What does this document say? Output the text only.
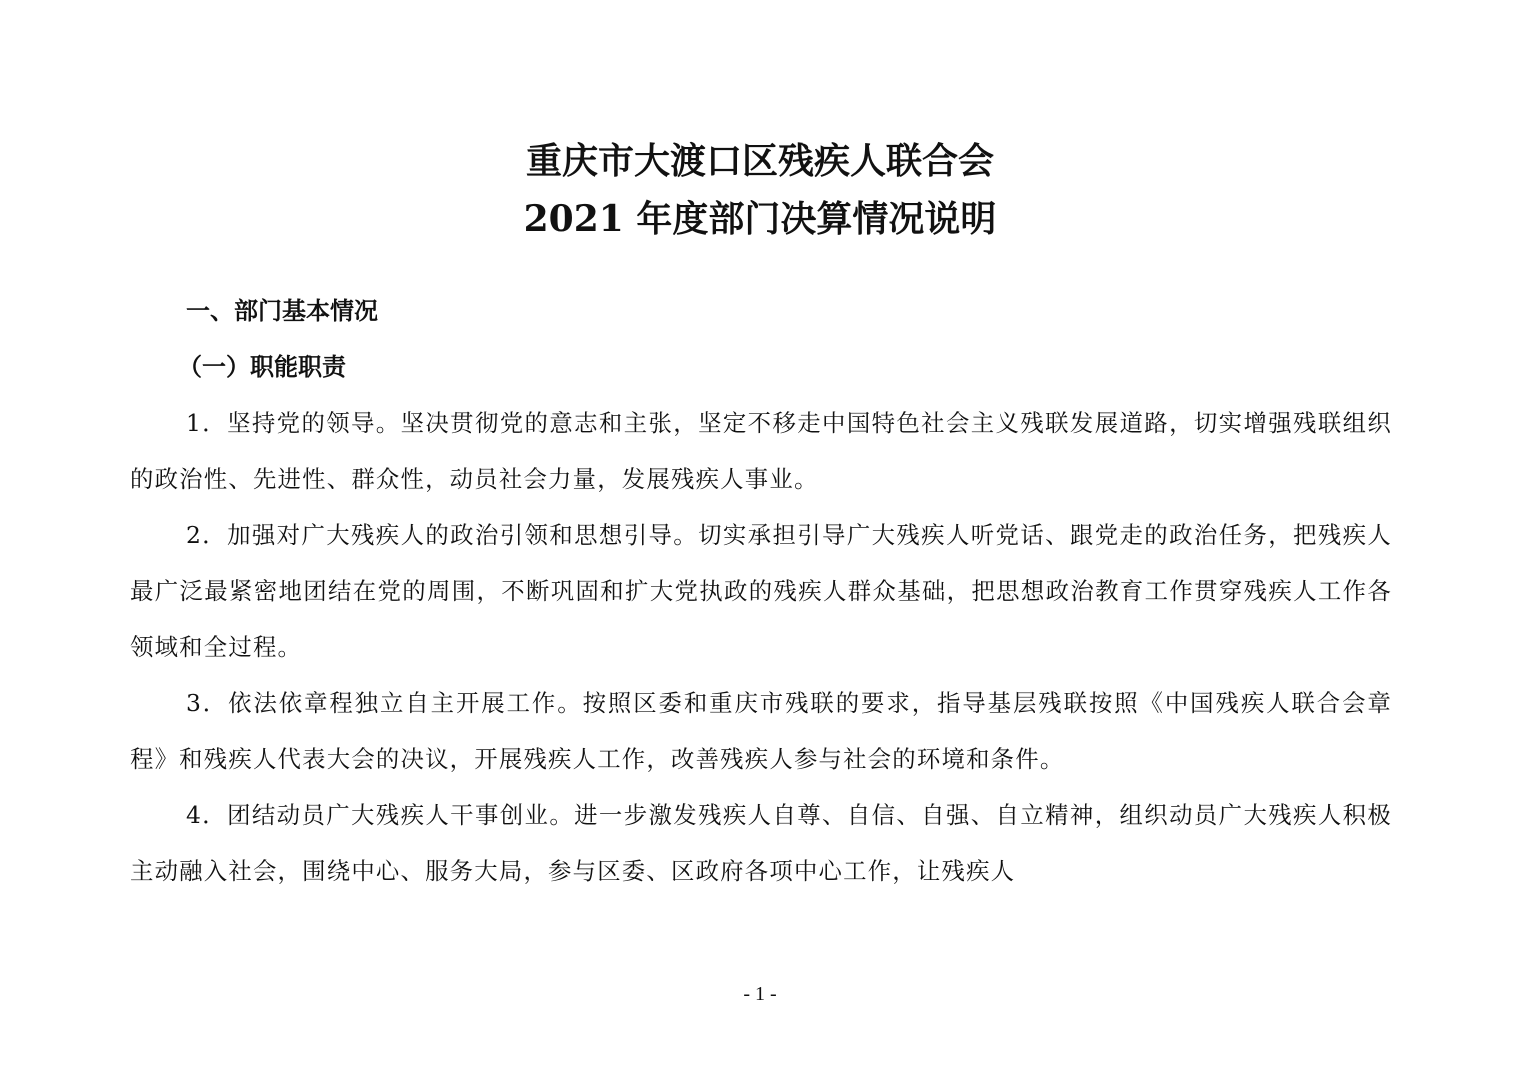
重庆市大渡口区残疾人联合会
2021 年度部门决算情况说明

一、部门基本情况

（一）职能职责

1．坚持党的领导。坚决贯彻党的意志和主张，坚定不移走中国特色社会主义残联发展道路，切实增强残联组织的政治性、先进性、群众性，动员社会力量，发展残疾人事业。

2．加强对广大残疾人的政治引领和思想引导。切实承担引导广大残疾人听党话、跟党走的政治任务，把残疾人最广泛最紧密地团结在党的周围，不断巩固和扩大党执政的残疾人群众基础，把思想政治教育工作贯穿残疾人工作各领域和全过程。

3．依法依章程独立自主开展工作。按照区委和重庆市残联的要求，指导基层残联按照《中国残疾人联合会章程》和残疾人代表大会的决议，开展残疾人工作，改善残疾人参与社会的环境和条件。

4．团结动员广大残疾人干事创业。进一步激发残疾人自尊、自信、自强、自立精神，组织动员广大残疾人积极主动融入社会，围绕中心、服务大局，参与区委、区政府各项中心工作，让残疾人

- 1 -
